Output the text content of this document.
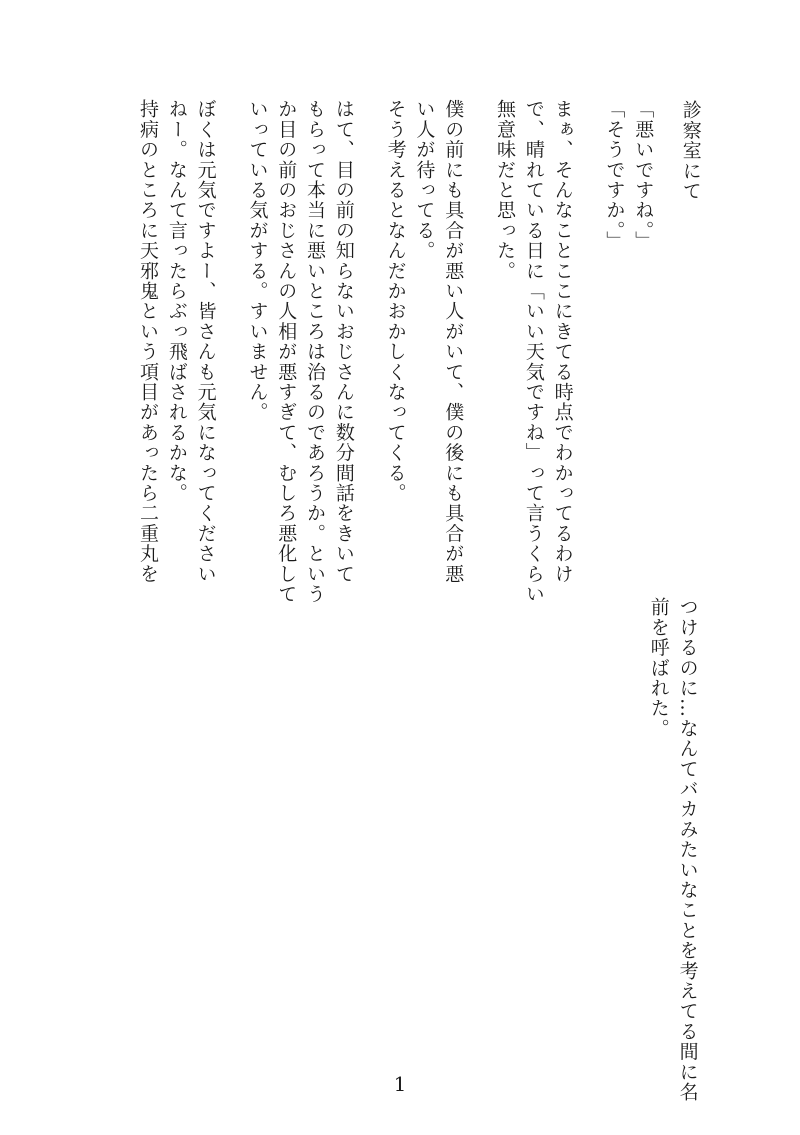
診察室にて
「悪いですね。」
「そうですか。」
まぁ、そんなことここにきてる時点でわかってるわけ
で、晴れている日に「いい天気ですね」って言うくらい
無意味だと思った。
僕の前にも具合が悪い人がいて、僕の後にも具合が悪
い人が待ってる。
そう考えるとなんだかおかしくなってくる。
はて、目の前の知らないおじさんに数分間話をきいて
もらって本当に悪いところは治るのであろうか。という
か目の前のおじさんの人相が悪すぎて、むしろ悪化して
いっている気がする。すいません。
ぼくは元気ですよー、皆さんも元気になってください
ねー。なんて言ったらぶっ飛ばされるかな。
持病のところに天邪鬼という項目があったら二重丸を
つけるのに…なんてバカみたいなことを考えてる間に名
前を呼ばれた。
1
